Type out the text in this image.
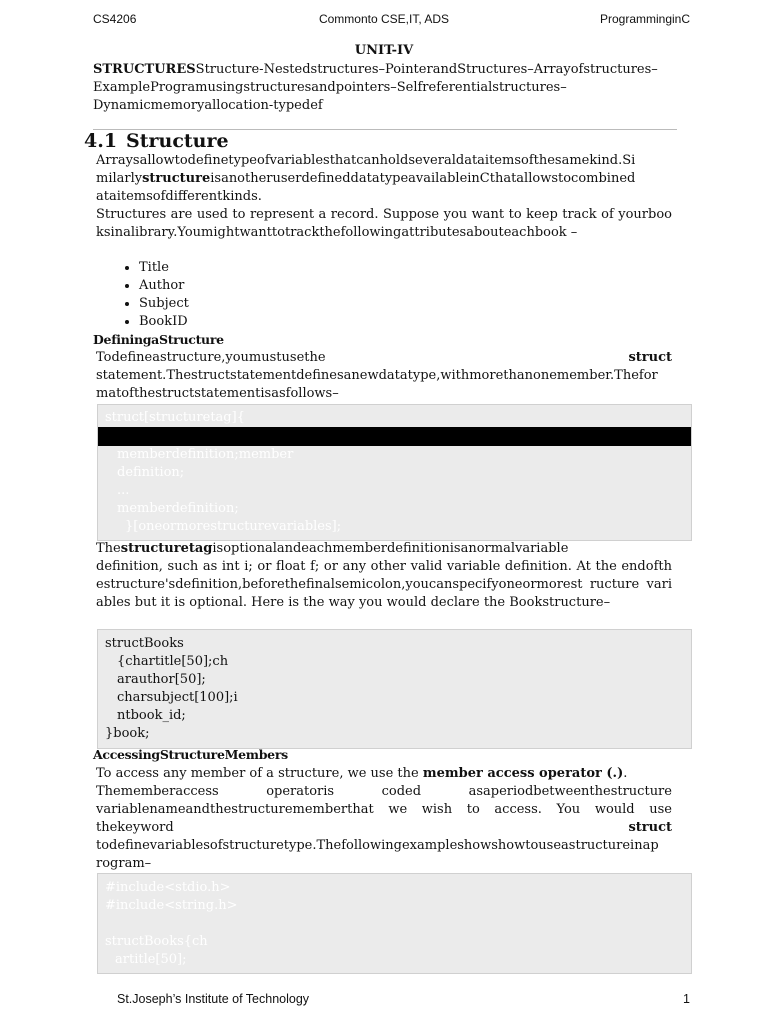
CS4206	Commonto CSE,IT, ADS	ProgramminginC
UNIT-IV
STRUCTURESStructure-Nestedstructures–PointerandStructures–Arrayofstructures–ExampleProgramusingstructuresandpointers–Selfreferentialstructures–Dynamicmemoryallocation-typedef
4.1 Structure
Arraysallowtodefinetypeofvariablesthatcanholdseveraldataitemsofthesamekind.Si
milarlystructureisanotheruserdefineddatatypeavailableinCthatallowstocombined
ataitemsofdifferentkinds.
Structures are used to represent a record. Suppose you want to keep track of yourbooksinalibrary.Youmightwanttotrackthefollowingattributesabouteachbook –
• Title
• Author
• Subject
• BookID
DefiningaStructure
Todefineastructure,youmustusethe	struct
statement.Thestructstatementdefinesanewdatatype,withmorethanonemember.Thefor
matofthestructstatementisasfollows–
struct[structuretag]{
memberdefinition;member
definition;
...
memberdefinition;
}[oneormorestructurevariables];
Thestructuretagisoptionalandeachmemberdefinitionisanormalvariable
definition, such as int i; or float f; or any other valid variable definition. At the endofthestructure'sdefinition,beforethefinalsemicolon,youcanspecifyoneormorest ructure variables but it is optional. Here is the way you would declare the Bookstructure–
structBooks
{chartitle[50];ch
arauthor[50];
charsubject[100];i
ntbook_id;
}book;
AccessingStructureMembers
To access any member of a structure, we use the member access operator (.).
Thememberaccess	operatoris	coded	asaperiodbetweenthestructure
variablenameandthestructurememberthat we wish to access. You would use
thekeyword	struct
todefinevariablesofstructuretype.Thefollowingexampleshowshowtouseastructureinap
rogram–
#include<stdio.h>
#include<string.h>
structBooks{ch
artitle[50];
St.Joseph’s Institute of Technology	1
